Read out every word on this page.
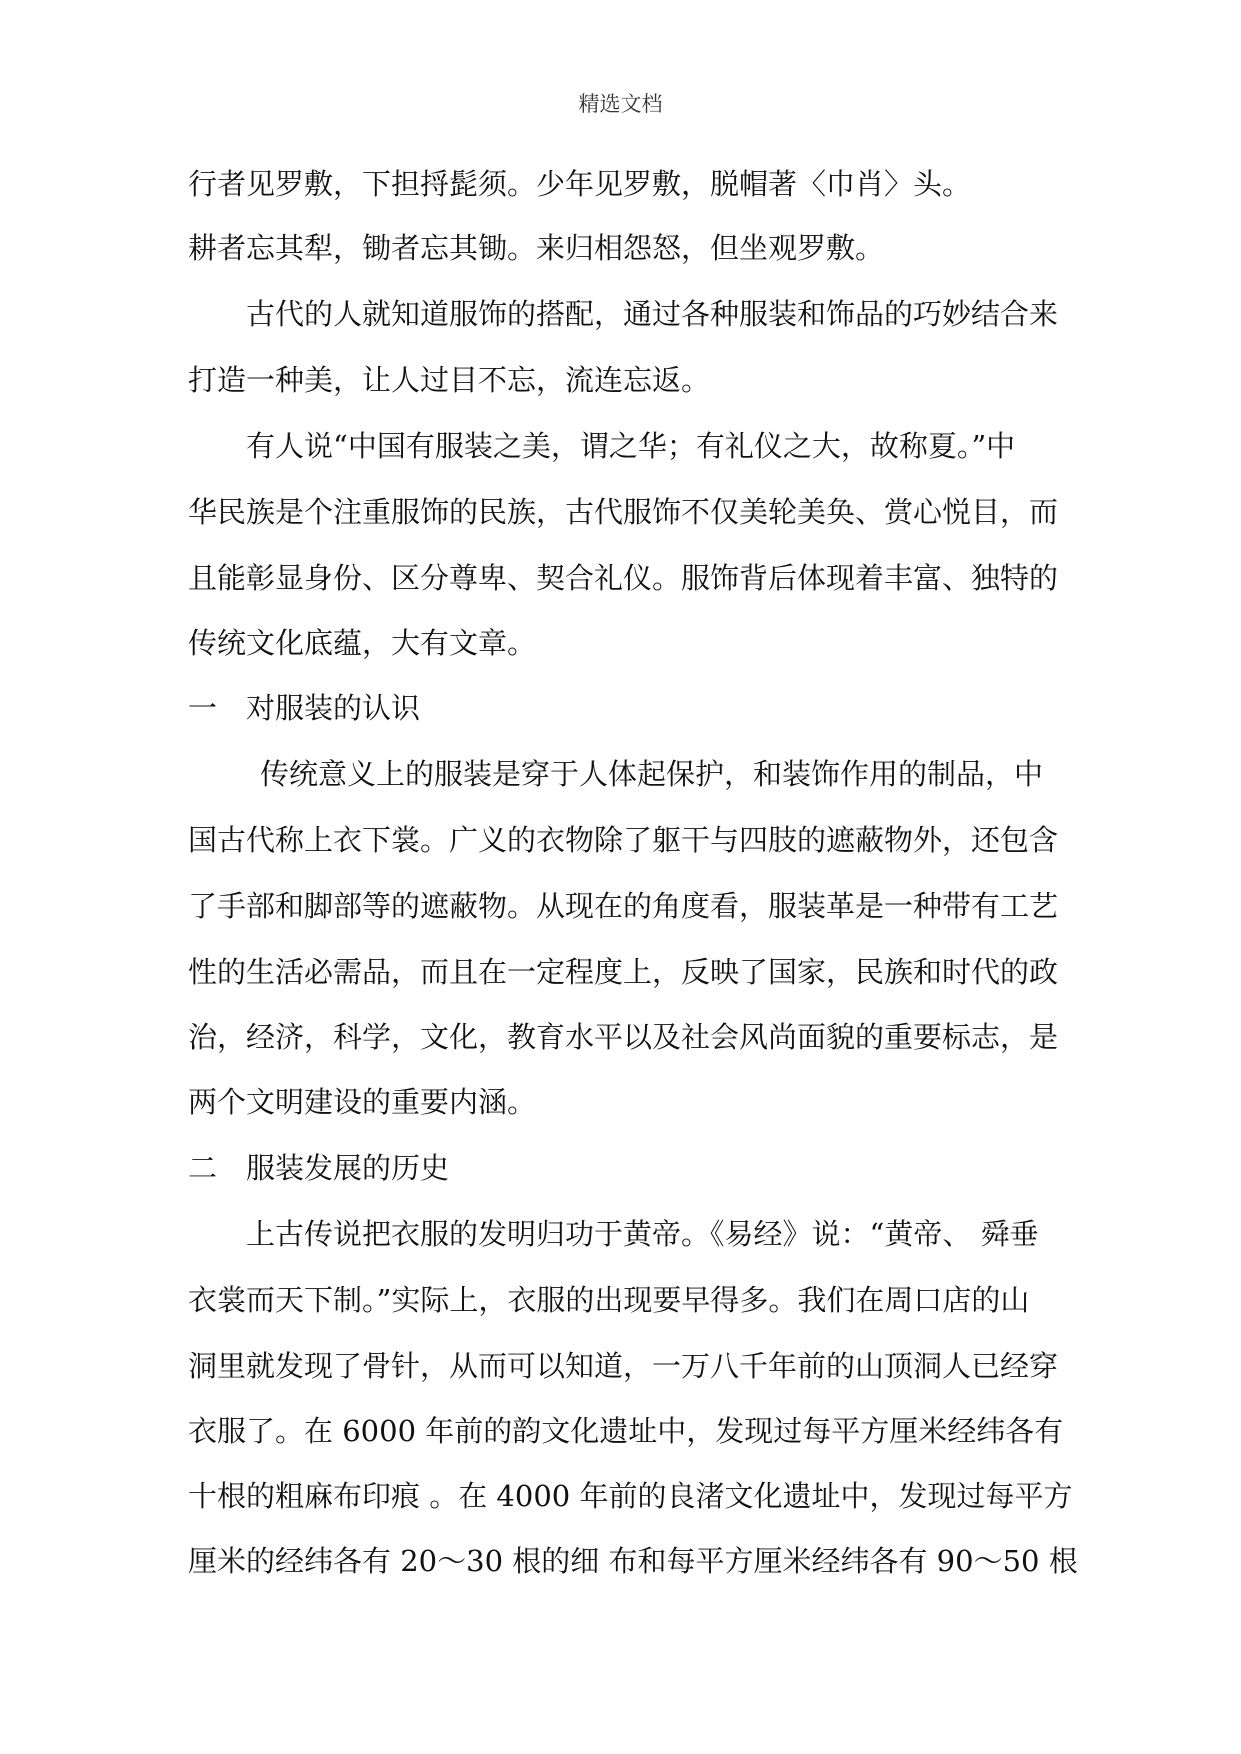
精选文档
行者见罗敷，下担捋髭须。少年见罗敷，脱帽著〈巾肖〉头。
耕者忘其犁，锄者忘其锄。来归相怨怒，但坐观罗敷。
古代的人就知道服饰的搭配，通过各种服装和饰品的巧妙结合来
打造一种美，让人过目不忘，流连忘返。
有人说“中国有服装之美，谓之华；有礼仪之大，故称夏。”中
华民族是个注重服饰的民族，古代服饰不仅美轮美奂、赏心悦目，而
且能彰显身份、区分尊卑、契合礼仪。服饰背后体现着丰富、独特的
传统文化底蕴，大有文章。
一　对服装的认识
传统意义上的服装是穿于人体起保护，和装饰作用的制品，中
国古代称上衣下裳。广义的衣物除了躯干与四肢的遮蔽物外，还包含
了手部和脚部等的遮蔽物。从现在的角度看，服装革是一种带有工艺
性的生活必需品，而且在一定程度上，反映了国家，民族和时代的政
治，经济，科学，文化，教育水平以及社会风尚面貌的重要标志，是
两个文明建设的重要内涵。
二　服装发展的历史
上古传说把衣服的发明归功于黄帝。《易经》说：“黄帝、 舜垂
衣裳而天下制。”实际上，衣服的出现要早得多。我们在周口店的山
洞里就发现了骨针，从而可以知道，一万八千年前的山顶洞人已经穿
衣服了。在 6000 年前的韵文化遗址中，发现过每平方厘米经纬各有
十根的粗麻布印痕 。在 4000 年前的良渚文化遗址中，发现过每平方
厘米的经纬各有 20～30 根的细 布和每平方厘米经纬各有 90～50 根
